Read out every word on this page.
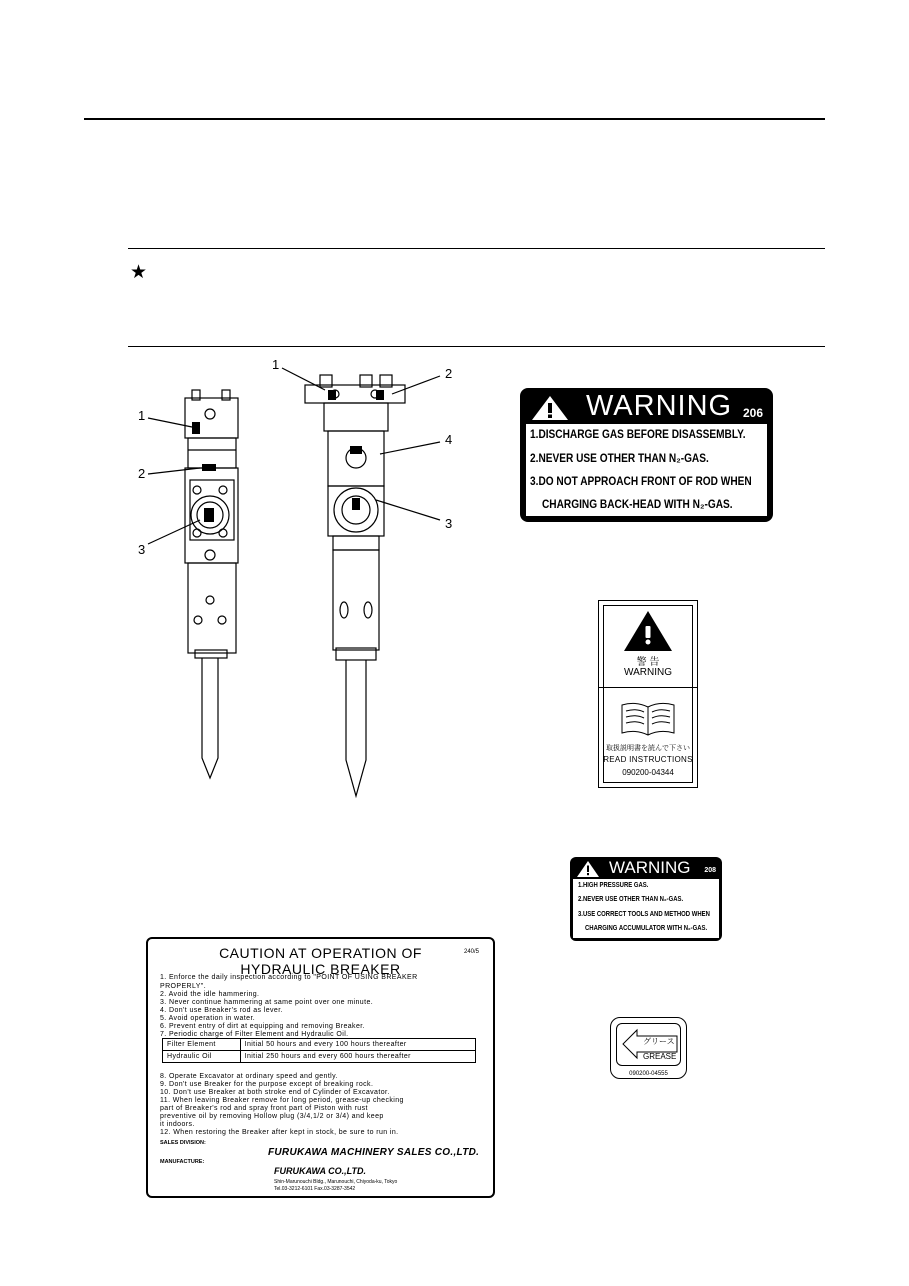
★
1
2
3
1
2
4
3
WARNING 206
1.DISCHARGE GAS BEFORE DISASSEMBLY.
2.NEVER USE OTHER THAN N₂-GAS.
3.DO NOT APPROACH FRONT OF ROD WHEN
CHARGING BACK-HEAD WITH N₂-GAS.
警 告
WARNING
取扱説明書を読んで下さい
READ INSTRUCTIONS
090200-04344
WARNING 208
1.HIGH PRESSURE GAS.
2.NEVER USE OTHER THAN N₂-GAS.
3.USE CORRECT TOOLS AND METHOD WHEN
CHARGING ACCUMULATOR WITH N₂-GAS.
グリース
GREASE
090200-04555
CAUTION AT OPERATION OF
HYDRAULIC BREAKER
240/5
1. Enforce the daily inspection according to "POINT OF USING BREAKER
PROPERLY".
2. Avoid the idle hammering.
3. Never continue hammering at same point over one minute.
4. Don't use Breaker's rod as lever.
5. Avoid operation in water.
6. Prevent entry of dirt at equipping and removing Breaker.
7. Periodic charge of Filter Element and Hydraulic Oil.
Filter Element	Initial 50 hours and every 100 hours thereafter
Hydraulic Oil	Initial 250 hours and every 600 hours thereafter
8. Operate Excavator at ordinary speed and gently.
9. Don't use Breaker for the purpose except of breaking rock.
10. Don't use Breaker at both stroke end of Cylinder of Excavator.
11. When leaving Breaker remove for long period, grease-up checking
part of Breaker's rod and spray front part of Piston with rust
preventive oil by removing Hollow plug (3/4,1/2 or 3/4) and keep
it indoors.
12. When restoring the Breaker after kept in stock, be sure to run in.
SALES DIVISION:
FURUKAWA MACHINERY SALES CO.,LTD.
MANUFACTURE:
FURUKAWA CO.,LTD.
Shin-Marunouchi Bldg., Marunouchi, Chiyoda-ku, Tokyo
Tel.03-3212-6101 Fax.03-3287-3542
